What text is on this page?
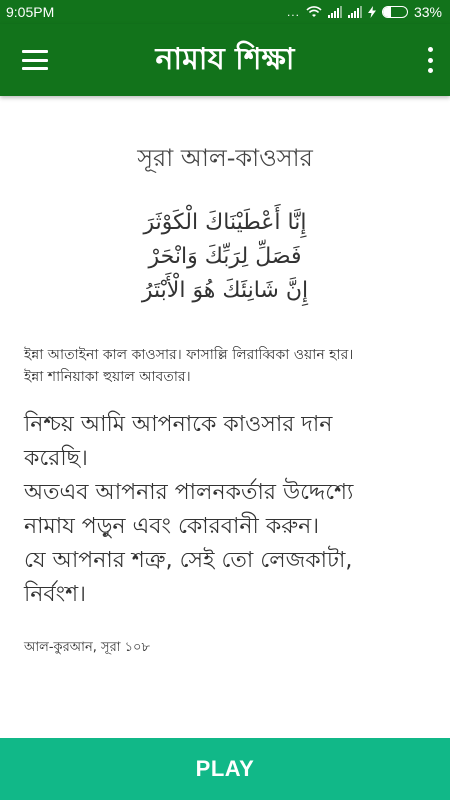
9:05PM	...	33%
নামায শিক্ষা
সূরা আল-কাওসার
إِنَّا أَعْطَيْنَاكَ الْكَوْثَرَ
فَصَلِّ لِرَبِّكَ وَانْحَرْ
إِنَّ شَانِئَكَ هُوَ الْأَبْتَرُ
ইন্না আতাইনা কাল কাওসার। ফাসাল্লি লিরাব্বিকা ওয়ান হার।
ইন্না শানিয়াকা হুয়াল আবতার।
নিশ্চয় আমি আপনাকে কাওসার দান
করেছি।
অতএব আপনার পালনকর্তার উদ্দেশ্যে
নামায পড়ুন এবং কোরবানী করুন।
যে আপনার শত্রু, সেই তো লেজকাটা,
নির্বংশ।
আল-কুরআন, সূরা ১০৮
PLAY
